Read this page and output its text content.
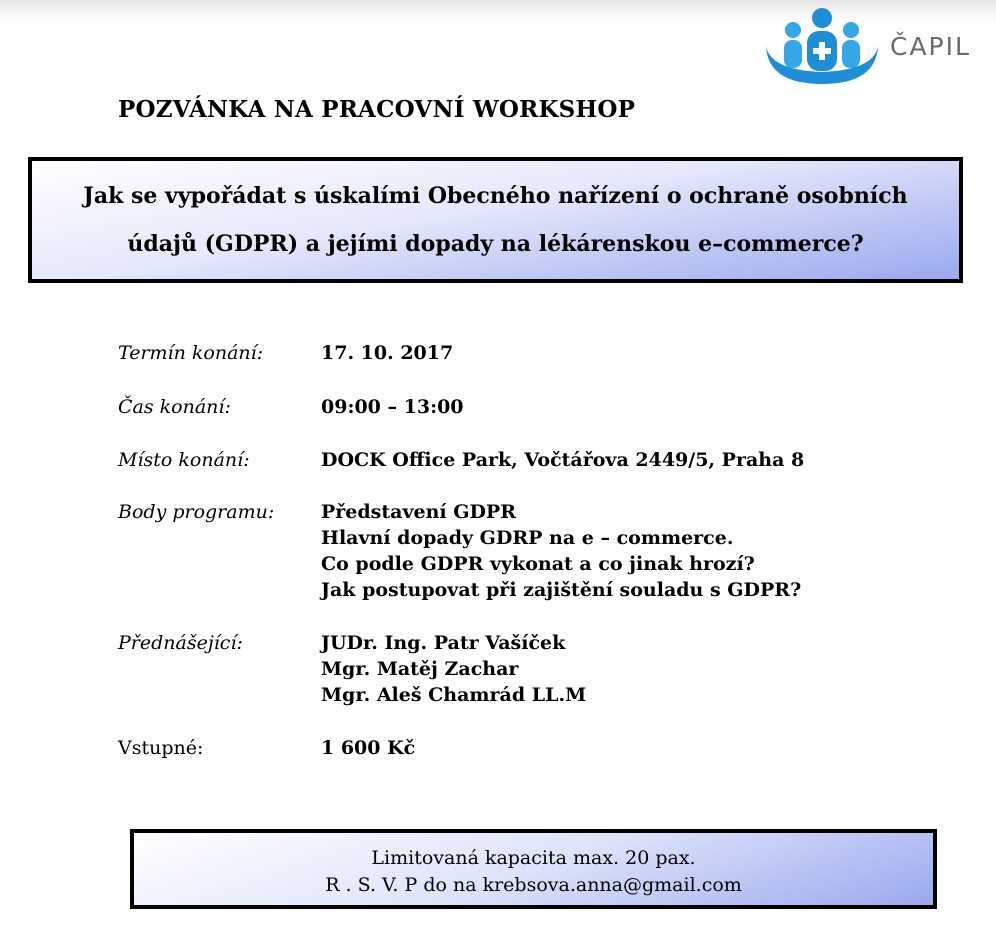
ČAPIL
POZVÁNKA NA PRACOVNÍ WORKSHOP
Jak se vypořádat s úskalími Obecného nařízení o ochraně osobních
údajů (GDPR) a jejími dopady na lékárenskou e–commerce?
Termín konání:	17. 10. 2017
Čas konání:	09:00 – 13:00
Místo konání:	DOCK Office Park, Vočtářova 2449/5, Praha 8
Body programu: Představení GDPR
Hlavní dopady GDRP na e – commerce.
Co podle GDPR vykonat a co jinak hrozí?
Jak postupovat při zajištění souladu s GDPR?
Přednášející:	JUDr. Ing. Patr Vašíček
Mgr. Matěj Zachar
Mgr. Aleš Chamrád LL.M
Vstupné:	1 600 Kč
Limitovaná kapacita max. 20 pax.
R . S. V. P do na krebsova.anna@gmail.com
